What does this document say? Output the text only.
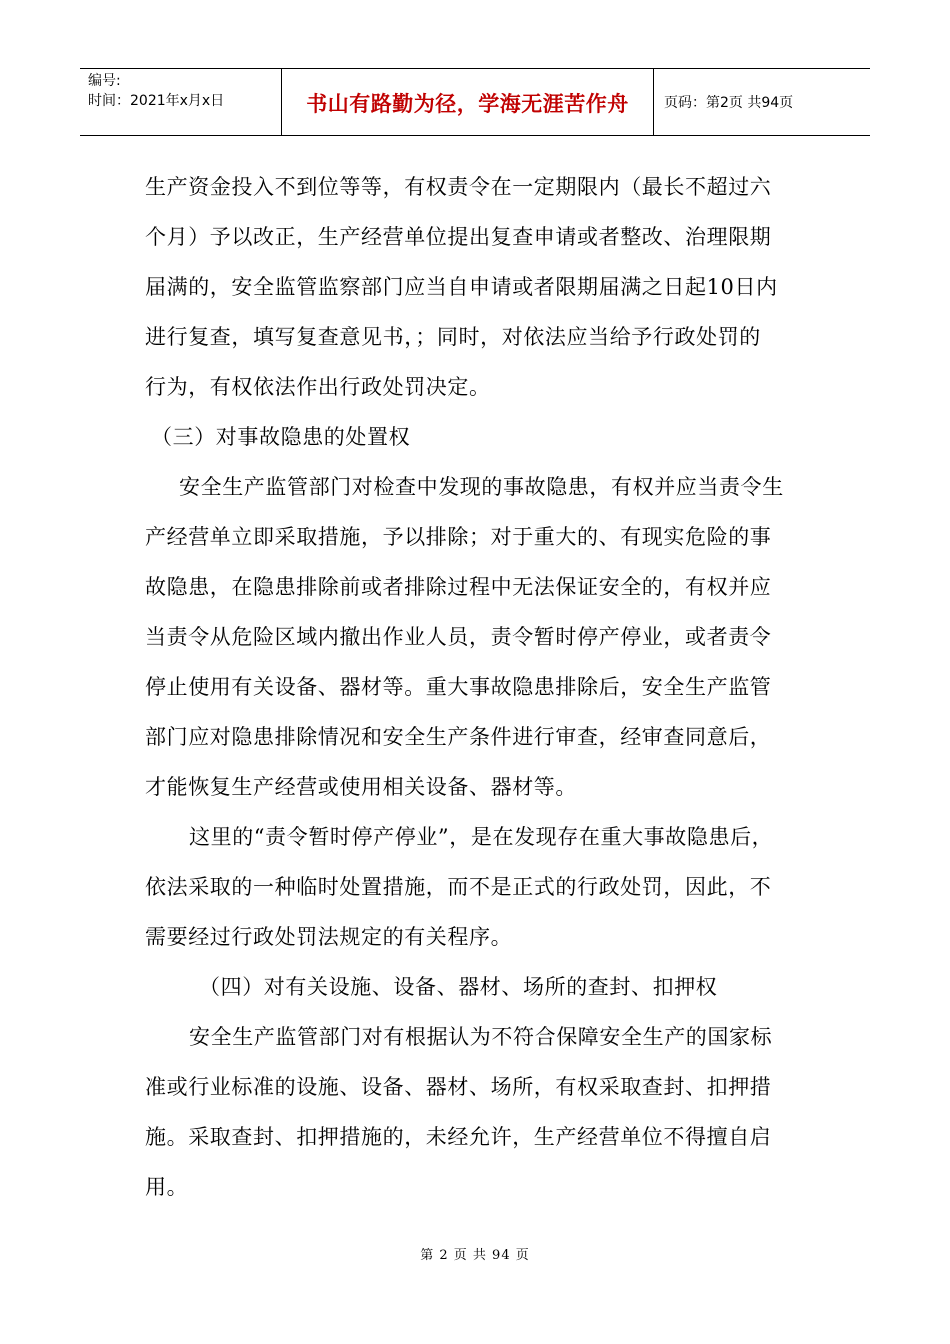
编号:
时间：2021年x月x日	书山有路勤为径，学海无涯苦作舟	页码：第2页 共94页
生产资金投入不到位等等，有权责令在一定期限内（最长不超过六
个月）予以改正，生产经营单位提出复查申请或者整改、治理限期
届满的，安全监管监察部门应当自申请或者限期届满之日起10日内
进行复查，填写复查意见书，；同时，对依法应当给予行政处罚的
行为，有权依法作出行政处罚决定。
（三）对事故隐患的处置权
安全生产监管部门对检查中发现的事故隐患，有权并应当责令生
产经营单立即采取措施，予以排除；对于重大的、有现实危险的事
故隐患，在隐患排除前或者排除过程中无法保证安全的，有权并应
当责令从危险区域内撤出作业人员，责令暂时停产停业，或者责令
停止使用有关设备、器材等。重大事故隐患排除后，安全生产监管
部门应对隐患排除情况和安全生产条件进行审查，经审查同意后，
才能恢复生产经营或使用相关设备、器材等。
这里的“责令暂时停产停业”，是在发现存在重大事故隐患后，
依法采取的一种临时处置措施，而不是正式的行政处罚，因此，不
需要经过行政处罚法规定的有关程序。
（四）对有关设施、设备、器材、场所的查封、扣押权
安全生产监管部门对有根据认为不符合保障安全生产的国家标
准或行业标准的设施、设备、器材、场所，有权采取查封、扣押措
施。采取查封、扣押措施的，未经允许，生产经营单位不得擅自启
用。
第 2 页 共 94 页
